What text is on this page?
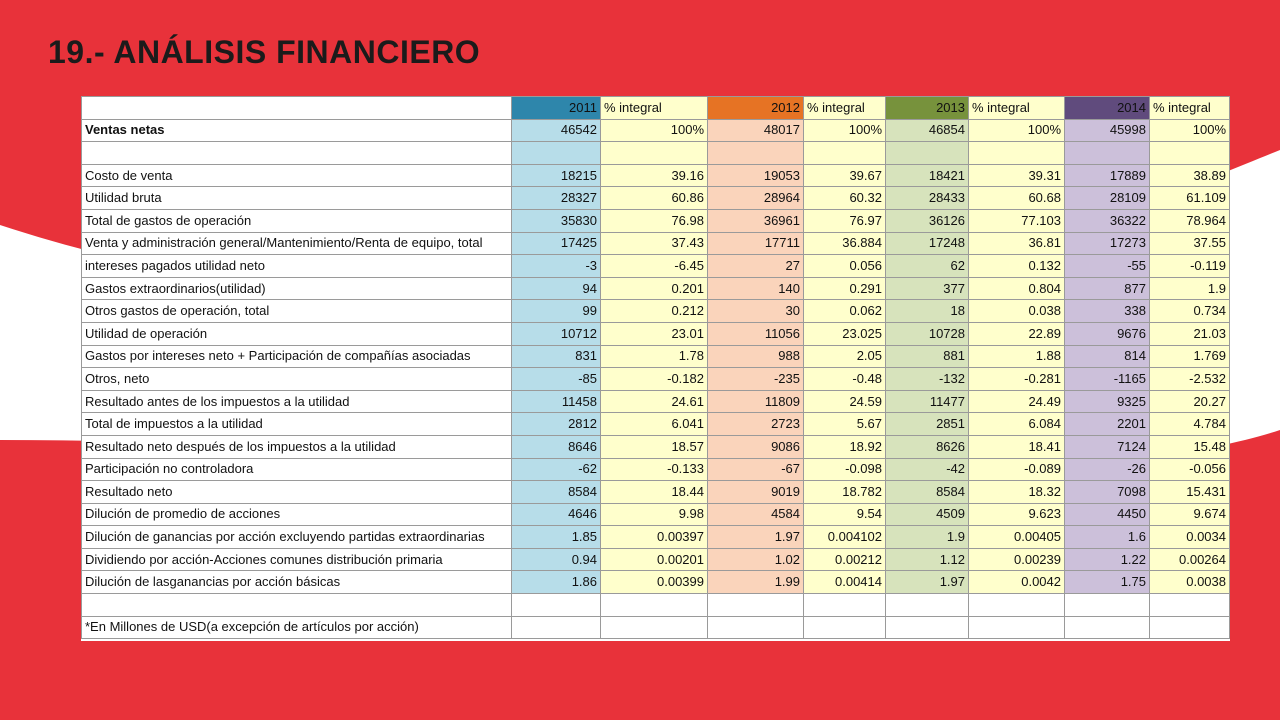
19.- ANÁLISIS FINANCIERO
	2011	% integral	2012	% integral	2013	% integral	2014	% integral
Ventas netas	46542	100%	48017	100%	46854	100%	45998	100%

Costo de venta	18215	39.16	19053	39.67	18421	39.31	17889	38.89
Utilidad bruta	28327	60.86	28964	60.32	28433	60.68	28109	61.109
Total de gastos de operación	35830	76.98	36961	76.97	36126	77.103	36322	78.964
Venta y administración general/Mantenimiento/Renta de equipo, total	17425	37.43	17711	36.884	17248	36.81	17273	37.55
intereses pagados utilidad neto	-3	-6.45	27	0.056	62	0.132	-55	-0.119
Gastos extraordinarios(utilidad)	94	0.201	140	0.291	377	0.804	877	1.9
Otros gastos de operación, total	99	0.212	30	0.062	18	0.038	338	0.734
Utilidad de operación	10712	23.01	11056	23.025	10728	22.89	9676	21.03
Gastos por intereses neto + Participación de compañías asociadas	831	1.78	988	2.05	881	1.88	814	1.769
Otros, neto	-85	-0.182	-235	-0.48	-132	-0.281	-1165	-2.532
Resultado antes de los impuestos a la utilidad	11458	24.61	11809	24.59	11477	24.49	9325	20.27
Total de impuestos a la utilidad	2812	6.041	2723	5.67	2851	6.084	2201	4.784
Resultado neto después de los impuestos a la utilidad	8646	18.57	9086	18.92	8626	18.41	7124	15.48
Participación no controladora	-62	-0.133	-67	-0.098	-42	-0.089	-26	-0.056
Resultado neto	8584	18.44	9019	18.782	8584	18.32	7098	15.431
Dilución de promedio de acciones	4646	9.98	4584	9.54	4509	9.623	4450	9.674
Dilución de ganancias por acción excluyendo partidas extraordinarias	1.85	0.00397	1.97	0.004102	1.9	0.00405	1.6	0.0034
Dividiendo por acción-Acciones comunes distribución primaria	0.94	0.00201	1.02	0.00212	1.12	0.00239	1.22	0.00264
Dilución de lasganancias por acción básicas	1.86	0.00399	1.99	0.00414	1.97	0.0042	1.75	0.0038

*En Millones de USD(a excepción de artículos por acción)								
